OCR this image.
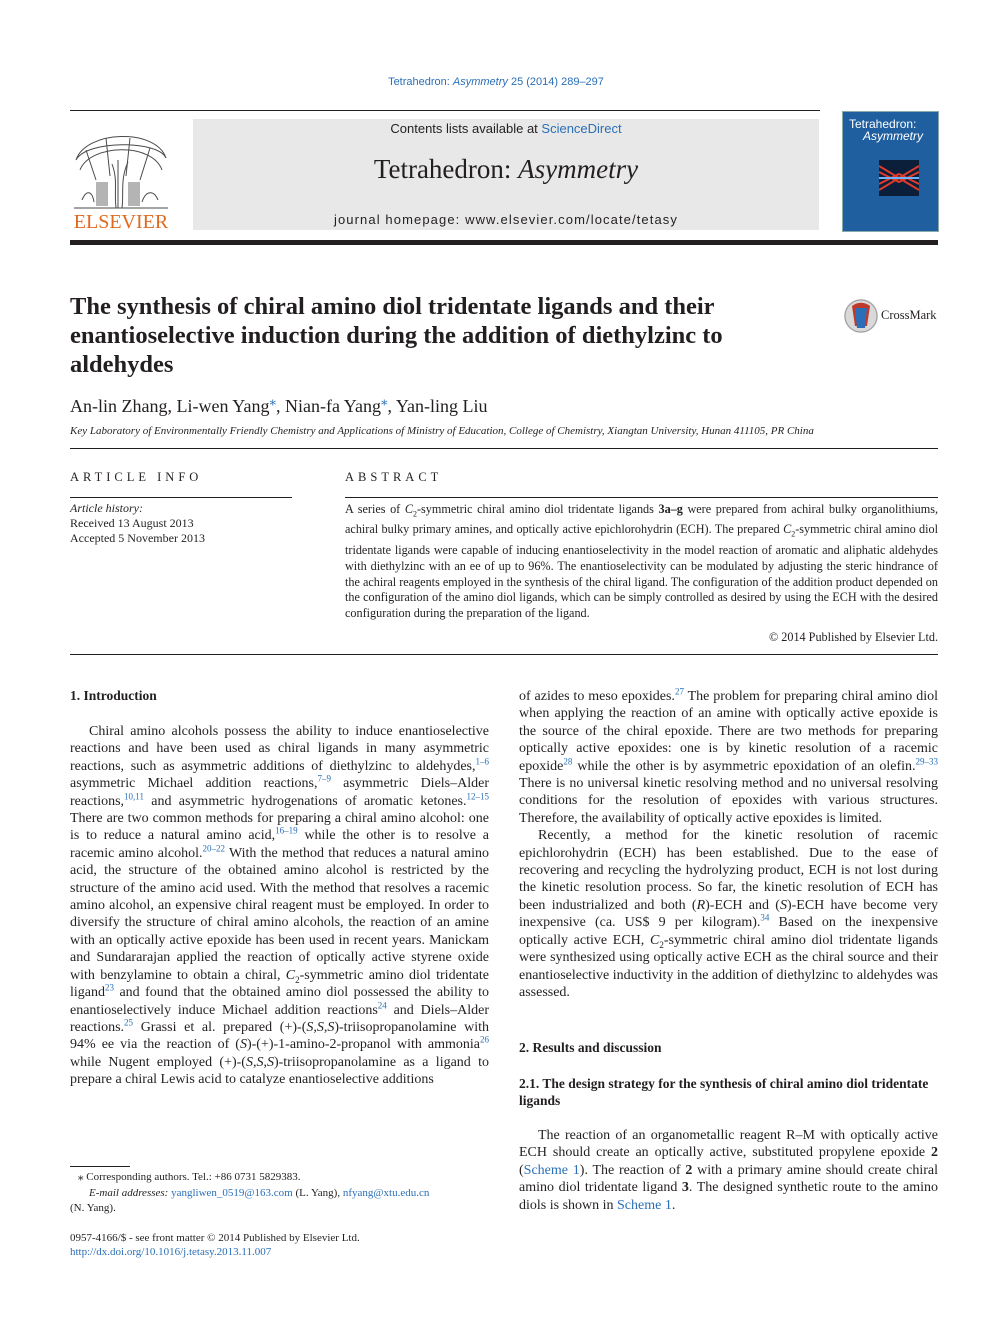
Tetrahedron: Asymmetry 25 (2014) 289–297
ELSEVIER
Contents lists available at ScienceDirect
Tetrahedron: Asymmetry
journal homepage: www.elsevier.com/locate/tetasy
Tetrahedron:
Asymmetry
The synthesis of chiral amino diol tridentate ligands and their enantioselective induction during the addition of diethylzinc to aldehydes
CrossMark
An-lin Zhang, Li-wen Yang⁎, Nian-fa Yang⁎, Yan-ling Liu
Key Laboratory of Environmentally Friendly Chemistry and Applications of Ministry of Education, College of Chemistry, Xiangtan University, Hunan 411105, PR China
ARTICLE INFO
Article history:
Received 13 August 2013
Accepted 5 November 2013
ABSTRACT
A series of $C_2$-symmetric chiral amino diol tridentate ligands 3a–g were prepared from achiral bulky organolithiums, achiral bulky primary amines, and optically active epichlorohydrin (ECH). The prepared $C_2$-symmetric chiral amino diol tridentate ligands were capable of inducing enantioselectivity in the model reaction of aromatic and aliphatic aldehydes with diethylzinc with an ee of up to 96%. The enantioselectivity can be modulated by adjusting the steric hindrance of the achiral reagents employed in the synthesis of the chiral ligand. The configuration of the addition product depended on the configuration of the amino diol ligands, which can be simply controlled as desired by using the ECH with the desired configuration during the preparation of the ligand.
© 2014 Published by Elsevier Ltd.
1. Introduction

Chiral amino alcohols possess the ability to induce enantioselective reactions and have been used as chiral ligands in many asymmetric reactions, such as asymmetric additions of diethylzinc to aldehydes,$^{1-6}$ asymmetric Michael addition reactions,$^{7-9}$ asymmetric Diels–Alder reactions,$^{10,11}$ and asymmetric hydrogenations of aromatic ketones.$^{12-15}$ There are two common methods for preparing a chiral amino alcohol: one is to reduce a natural amino acid,$^{16-19}$ while the other is to resolve a racemic amino alcohol.$^{20-22}$ With the method that reduces a natural amino acid, the structure of the obtained amino alcohol is restricted by the structure of the amino acid used. With the method that resolves a racemic amino alcohol, an expensive chiral reagent must be employed. In order to diversify the structure of chiral amino alcohols, the reaction of an amine with an optically active epoxide has been used in recent years. Manickam and Sundararajan applied the reaction of optically active styrene oxide with benzylamine to obtain a chiral, $C_2$-symmetric amino diol tridentate ligand$^{23}$ and found that the obtained amino diol possessed the ability to enantioselectively induce Michael addition reactions$^{24}$ and Diels–Alder reactions.$^{25}$ Grassi et al. prepared (+)-(S,S,S)-triisopropanolamine with 94% ee via the reaction of (S)-(+)-1-amino-2-propanol with ammonia$^{26}$ while Nugent employed (+)-(S,S,S)-triisopropanolamine as a ligand to prepare a chiral Lewis acid to catalyze enantioselective additions

of azides to meso epoxides.$^{27}$ The problem for preparing chiral amino diol when applying the reaction of an amine with optically active epoxide is the source of the chiral epoxide. There are two methods for preparing optically active epoxides: one is by kinetic resolution of a racemic epoxide$^{28}$ while the other is by asymmetric epoxidation of an olefin.$^{29-33}$ There is no universal kinetic resolving method and no universal resolving conditions for the resolution of epoxides with various structures. Therefore, the availability of optically active epoxides is limited.

Recently, a method for the kinetic resolution of racemic epichlorohydrin (ECH) has been established. Due to the ease of recovering and recycling the hydrolyzing product, ECH is not lost during the kinetic resolution process. So far, the kinetic resolution of ECH has been industrialized and both (R)-ECH and (S)-ECH have become very inexpensive (ca. US$ 9 per kilogram).$^{34}$ Based on the inexpensive optically active ECH, $C_2$-symmetric chiral amino diol tridentate ligands were synthesized using optically active ECH as the chiral source and their enantioselective inductivity in the addition of diethylzinc to aldehydes was assessed.

2. Results and discussion
2.1. The design strategy for the synthesis of chiral amino diol tridentate ligands

The reaction of an organometallic reagent R–M with optically active ECH should create an optically active, substituted propylene epoxide 2 (Scheme 1). The reaction of 2 with a primary amine should create chiral amino diol tridentate ligand 3. The designed synthetic route to the amino diols is shown in Scheme 1.

⁎ Corresponding authors. Tel.: +86 0731 5829383.
E-mail addresses: yangliwen_0519@163.com (L. Yang), nfyang@xtu.edu.cn
(N. Yang).
0957-4166/$ - see front matter © 2014 Published by Elsevier Ltd.
http://dx.doi.org/10.1016/j.tetasy.2013.11.007
